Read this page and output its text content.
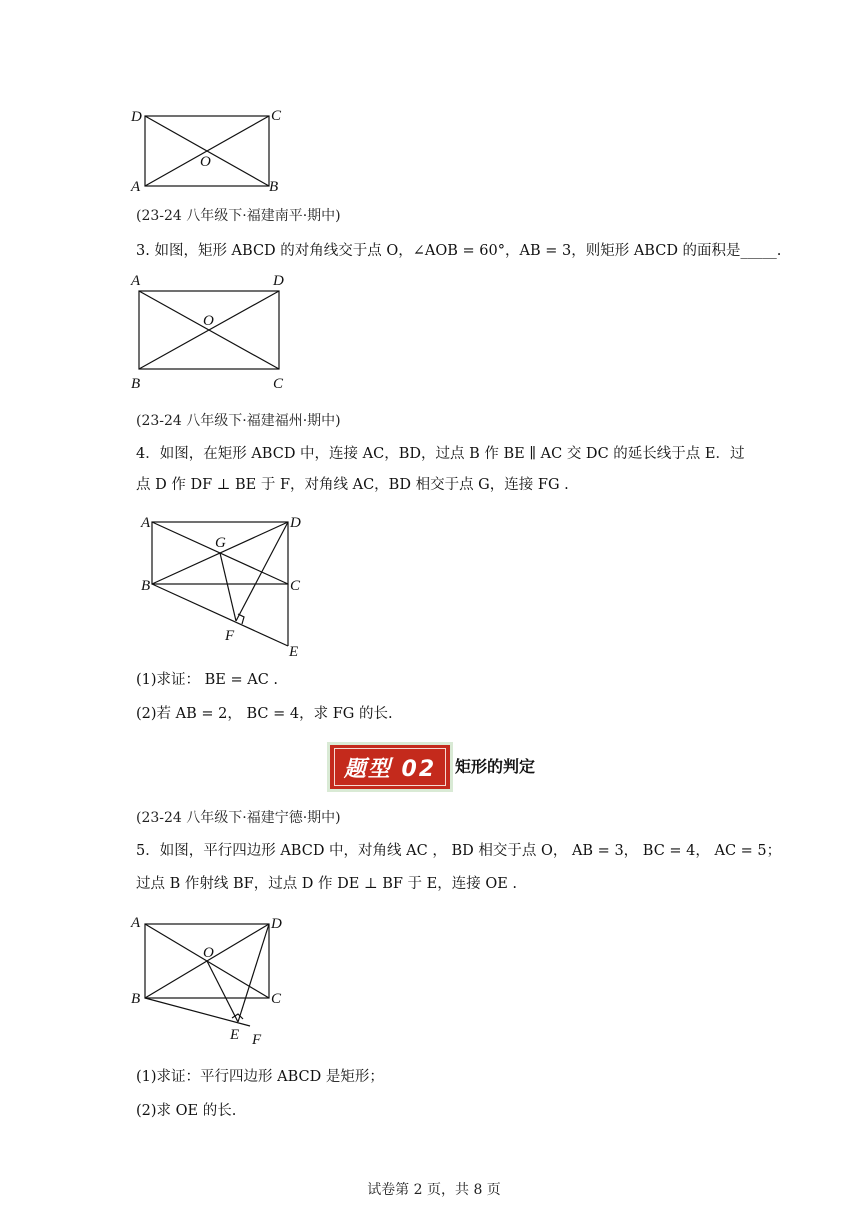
D	C
O
A	B
(23-24 八年级下·福建南平·期中)
3. 如图，矩形 ABCD 的对角线交于点 O，∠AOB = 60°，AB = 3，则矩形 ABCD 的面积是_____.
A	D
O
B	C
(23-24 八年级下·福建福州·期中)
4．如图，在矩形 ABCD 中，连接 AC，BD，过点 B 作 BE ∥ AC 交 DC 的延长线于点 E．过
点 D 作 DF ⊥ BE 于 F，对角线 AC，BD 相交于点 G，连接 FG .
A	D
G
B	C
F
E
(1)求证： BE = AC .
(2)若 AB = 2， BC = 4，求 FG 的长.
题型 02	矩形的判定
(23-24 八年级下·福建宁德·期中)
5．如图，平行四边形 ABCD 中，对角线 AC ， BD 相交于点 O， AB = 3， BC = 4， AC = 5；
过点 B 作射线 BF，过点 D 作 DE ⊥ BF 于 E，连接 OE .
A	D
O
B	C
E F
(1)求证：平行四边形 ABCD 是矩形；
(2)求 OE 的长.
试卷第 2 页，共 8 页
